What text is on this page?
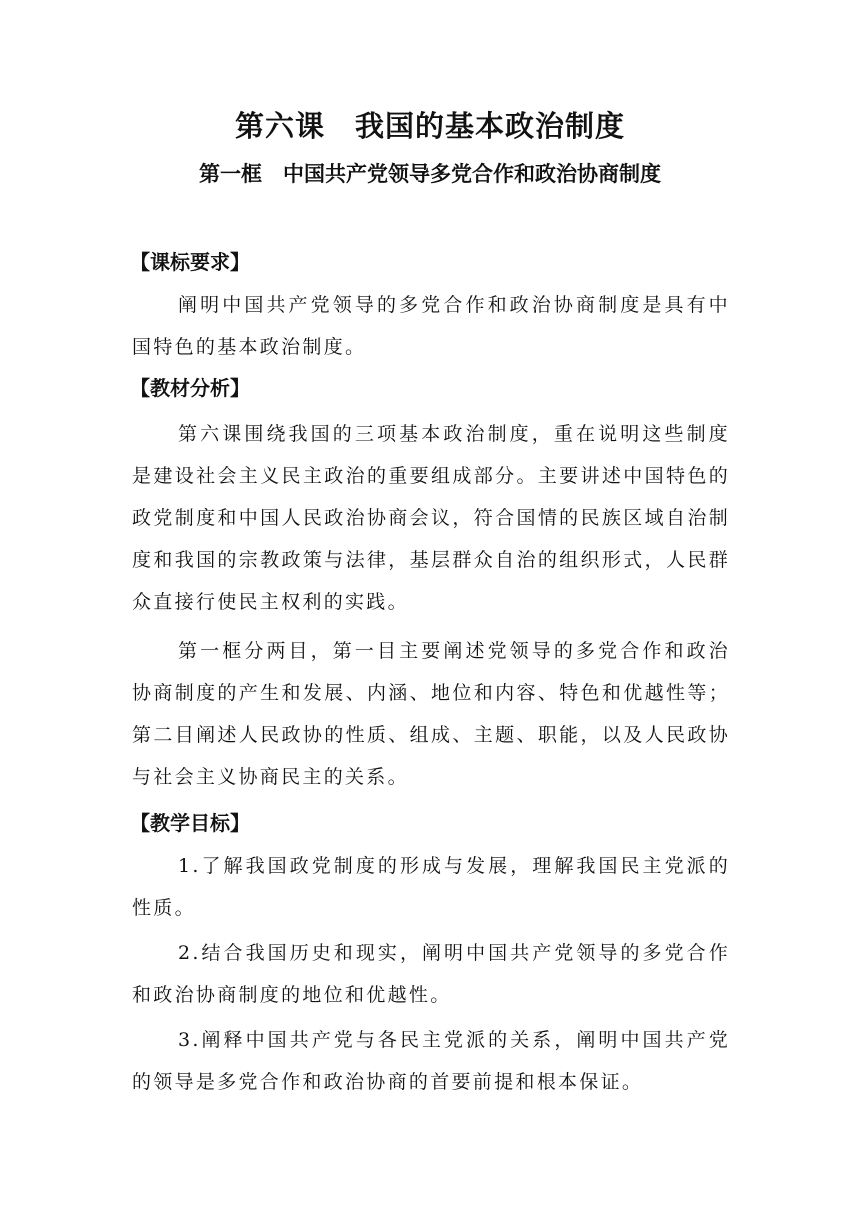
第六课　我国的基本政治制度
第一框　中国共产党领导多党合作和政治协商制度
【课标要求】

阐明中国共产党领导的多党合作和政治协商制度是具有中国特色的基本政治制度。

【教材分析】

第六课围绕我国的三项基本政治制度，重在说明这些制度是建设社会主义民主政治的重要组成部分。主要讲述中国特色的政党制度和中国人民政治协商会议，符合国情的民族区域自治制度和我国的宗教政策与法律，基层群众自治的组织形式，人民群众直接行使民主权利的实践。

第一框分两目，第一目主要阐述党领导的多党合作和政治协商制度的产生和发展、内涵、地位和内容、特色和优越性等；第二目阐述人民政协的性质、组成、主题、职能，以及人民政协与社会主义协商民主的关系。

【教学目标】

1.了解我国政党制度的形成与发展，理解我国民主党派的性质。

2.结合我国历史和现实，阐明中国共产党领导的多党合作和政治协商制度的地位和优越性。

3.阐释中国共产党与各民主党派的关系，阐明中国共产党的领导是多党合作和政治协商的首要前提和根本保证。
